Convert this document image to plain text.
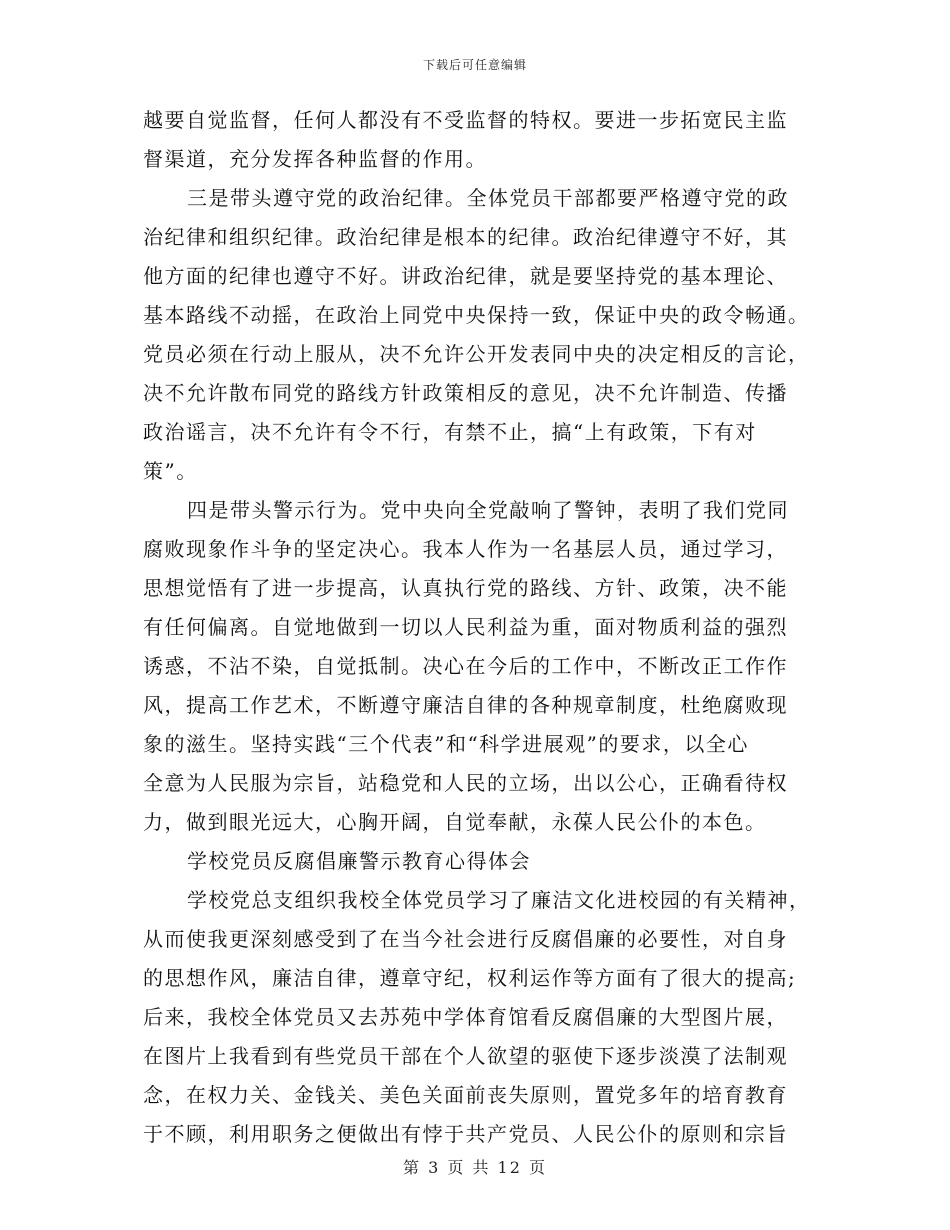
下载后可任意编辑
越要自觉监督，任何人都没有不受监督的特权。要进一步拓宽民主监
督渠道，充分发挥各种监督的作用。
三是带头遵守党的政治纪律。全体党员干部都要严格遵守党的政
治纪律和组织纪律。政治纪律是根本的纪律。政治纪律遵守不好，其
他方面的纪律也遵守不好。讲政治纪律，就是要坚持党的基本理论、
基本路线不动摇，在政治上同党中央保持一致，保证中央的政令畅通。
党员必须在行动上服从，决不允许公开发表同中央的决定相反的言论，
决不允许散布同党的路线方针政策相反的意见，决不允许制造、传播
政治谣言，决不允许有令不行，有禁不止，搞“上有政策，下有对
策”。
四是带头警示行为。党中央向全党敲响了警钟，表明了我们党同
腐败现象作斗争的坚定决心。我本人作为一名基层人员，通过学习，
思想觉悟有了进一步提高，认真执行党的路线、方针、政策，决不能
有任何偏离。自觉地做到一切以人民利益为重，面对物质利益的强烈
诱惑，不沾不染，自觉抵制。决心在今后的工作中，不断改正工作作
风，提高工作艺术，不断遵守廉洁自律的各种规章制度，杜绝腐败现
象的滋生。坚持实践“三个代表”和“科学进展观”的要求，以全心
全意为人民服为宗旨，站稳党和人民的立场，出以公心，正确看待权
力，做到眼光远大，心胸开阔，自觉奉献，永葆人民公仆的本色。
学校党员反腐倡廉警示教育心得体会
学校党总支组织我校全体党员学习了廉洁文化进校园的有关精神，
从而使我更深刻感受到了在当今社会进行反腐倡廉的必要性，对自身
的思想作风，廉洁自律，遵章守纪，权利运作等方面有了很大的提高;
后来，我校全体党员又去苏苑中学体育馆看反腐倡廉的大型图片展，
在图片上我看到有些党员干部在个人欲望的驱使下逐步淡漠了法制观
念，在权力关、金钱关、美色关面前丧失原则，置党多年的培育教育
于不顾，利用职务之便做出有悖于共产党员、人民公仆的原则和宗旨
第 3 页 共 12 页
